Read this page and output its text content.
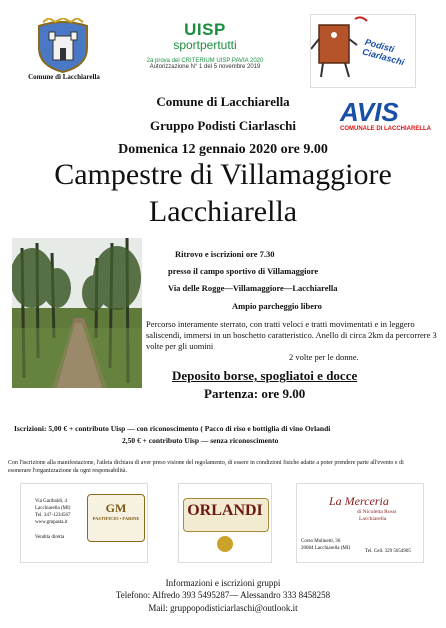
Comune di Lacchiarella
UISP
sportpertutti
2a prova del CRITERIUM UISP PAVIA 2020
Autorizzazione N° 1 del 5 novembre 2019
Podisti Ciarlaschi
Comune di Lacchiarella
Gruppo Podisti Ciarlaschi
Domenica 12 gennaio 2020 ore 9.00
Campestre di Villamaggiore
Lacchiarella
AVIS
COMUNALE DI LACCHIARELLA
Ritrovo e iscrizioni ore 7.30
presso il campo sportivo di Villamaggiore
Via delle Rogge—Villamaggiore—Lacchiarella
Ampio parcheggio libero
Percorso interamente sterrato, con tratti veloci e tratti movimentati e in leggero saliscendi, immersi in un boschetto caratteristico. Anello di circa 2km da percorrere 3 volte per gli uomini
2 volte per le donne.
Deposito borse, spogliatoi e docce
Partenza: ore 9.00
Iscrizioni: 5,00 € + contributo Uisp — con riconoscimento ( Pacco di riso e bottiglia di vino Orlandi
2,50 € + contributo Uisp — senza riconoscimento
Con l'iscrizione alla manifestazione, l'atleta dichiara di aver preso visione del regolamento, di essere in condizioni fisiche adatte a poter prendere parte all'evento e di esonerare l'organizzazione da ogni responsabilità.
Via Garibaldi, 4
Lacchiarella (MI)
Tel. 347-1234567
www.gmpasta.it
Vendita diretta
GM
PASTIFICIO • FARINE	ORLANDI
La Merceria
di Nicoletta Rossi
Lacchiarella
Corso Mulinetti, 36
20084 Lacchiarella (MI)
Tel. Cell. 329 5654905
Informazioni e iscrizioni gruppi
Telefono: Alfredo 393 5495287— Alessandro 333 8458258
Mail: gruppopodisticiarlaschi@outlook.it
